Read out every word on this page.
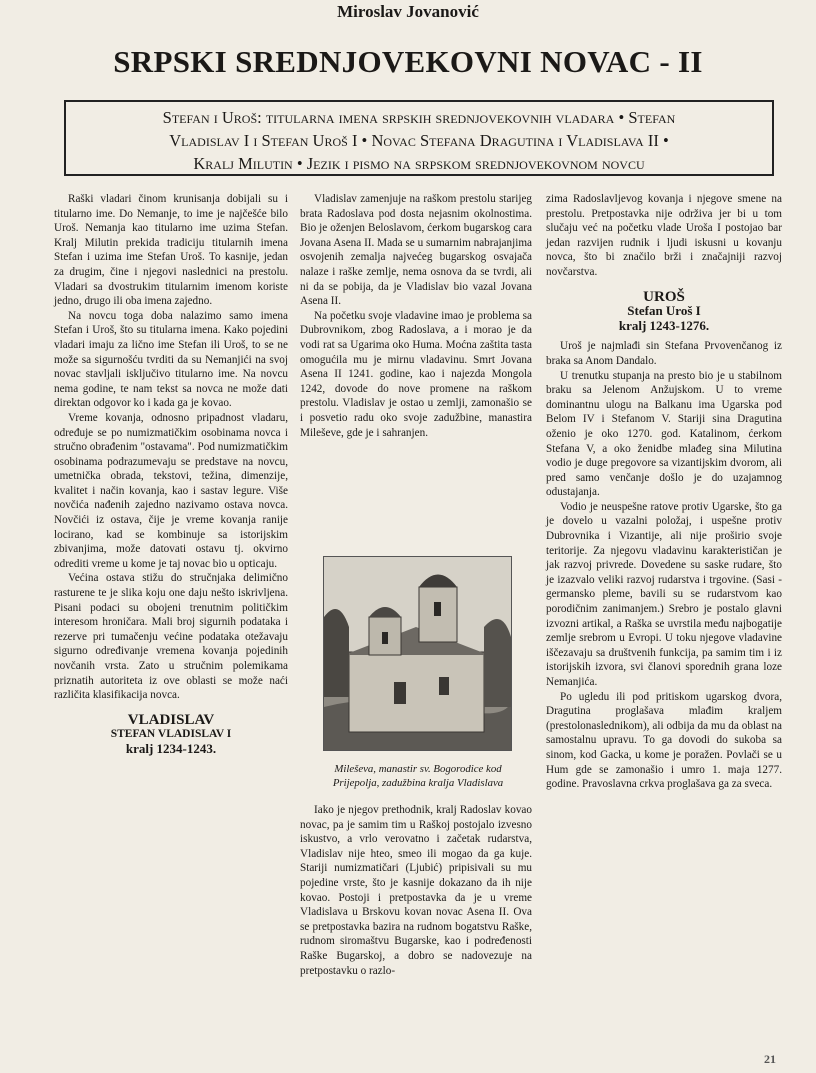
Miroslav Jovanović
SRPSKI SREDNJOVEKOVNI NOVAC - II
Stefan i Uroš: titularna imena srpskih srednjovekovnih vladara • Stefan
Vladislav I i Stefan Uroš I • Novac Stefana Dragutina i Vladislava II •
Kralj Milutin • Jezik i pismo na srpskom srednjovekovnom novcu

Raški vladari činom krunisanja dobijali su i titularno ime. Do Nemanje, to ime je najčešće bilo Uroš. Nemanja kao titularno ime uzima Stefan. Kralj Milutin prekida tradiciju titularnih imena Stefan i uzima ime Stefan Uroš. To kasnije, jedan za drugim, čine i njegovi naslednici na prestolu. Vladari sa dvostrukim titularnim imenom koriste jedno, drugo ili oba imena zajedno.

Na novcu toga doba nalazimo samo imena Stefan i Uroš, što su titularna imena. Kako pojedini vladari imaju za lično ime Stefan ili Uroš, to se ne može sa sigurnošću tvrditi da su Nemanjići na svoj novac stavljali isključivo titularno ime. Na novcu nema godine, te nam tekst sa novca ne može dati direktan odgovor ko i kada ga je kovao.

Vreme kovanja, odnosno pripadnost vladaru, određuje se po numizmatičkim osobinama novca i stručno obrađenim "ostavama". Pod numizmatičkim osobinama podrazumevaju se predstave na novcu, umetnička obrada, tekstovi, težina, dimenzije, kvalitet i način kovanja, kao i sastav legure. Više novčića nađenih zajedno nazivamo ostava novca. Novčići iz ostava, čije je vreme kovanja ranije locirano, kad se kombinuje sa istorijskim zbivanjima, može datovati ostavu tj. okvirno odrediti vreme u kome je taj novac bio u opticaju.

Većina ostava stižu do stručnjaka delimično rasturene te je slika koju one daju nešto iskrivljena. Pisani podaci su obojeni trenutnim političkim interesom hroničara. Mali broj sigurnih podataka i rezerve pri tumačenju većine podataka otežavaju sigurno određivanje vremena kovanja pojedinih novčanih vrsta. Zato u stručnim polemikama priznatih autoriteta iz ove oblasti se može naći različita klasifikacija novca.

VLADISLAV
STEFAN VLADISLAV I
kralj 1234-1243.

Vladislav zamenjuje na raškom prestolu starijeg brata Radoslava pod dosta nejasnim okolnostima. Bio je oženjen Beloslavom, ćerkom bugarskog cara Jovana Asena II. Mada se u sumarnim nabrajanjima osvojenih zemalja najvećeg bugarskog osvajača nalaze i raške zemlje, nema osnova da se tvrdi, ali ni da se pobija, da je Vladislav bio vazal Jovana Asena II.

Na početku svoje vladavine imao je problema sa Dubrovnikom, zbog Radoslava, a i morao je da vodi rat sa Ugarima oko Huma. Moćna zaštita tasta omogućila mu je mirnu vladavinu. Smrt Jovana Asena II 1241. godine, kao i najezda Mongola 1242, dovode do nove promene na raškom prestolu. Vladislav je ostao u zemlji, zamonašio se i posvetio radu oko svoje zadužbine, manastira Mileševe, gde je i sahranjen.

Mileševa, manastir sv. Bogorodice kod Prijepolja, zadužbina kralja Vladislava

Iako je njegov prethodnik, kralj Radoslav kovao novac, pa je samim tim u Raškoj postojalo izvesno iskustvo, a vrlo verovatno i začetak rudarstva, Vladislav nije hteo, smeo ili mogao da ga kuje. Stariji numizmatičari (Ljubić) pripisivali su mu pojedine vrste, što je kasnije dokazano da ih nije kovao. Postoji i pretpostavka da je u vreme Vladislava u Brskovu kovan novac Asena II. Ova se pretpostavka bazira na rudnom bogatstvu Raške, rudnom siromaštvu Bugarske, kao i podređenosti Raške Bugarskoj, a dobro se nadovezuje na pretpostavku o razlo-

zima Radoslavljevog kovanja i njegove smene na prestolu. Pretpostavka nije održiva jer bi u tom slučaju već na početku vlade Uroša I postojao bar jedan razvijen rudnik i ljudi iskusni u kovanju novca, što bi značilo brži i značajniji razvoj novčarstva.

UROŠ
Stefan Uroš I
kralj 1243-1276.

Uroš je najmlađi sin Stefana Prvovenčanog iz braka sa Anom Dandalo.

U trenutku stupanja na presto bio je u stabilnom braku sa Jelenom Anžujskom. U to vreme dominantnu ulogu na Balkanu ima Ugarska pod Belom IV i Stefanom V. Stariji sina Dragutina oženio je oko 1270. god. Katalinom, ćerkom Stefana V, a oko ženidbe mlađeg sina Milutina vodio je duge pregovore sa vizantijskim dvorom, ali pred samo venčanje došlo je do uzajamnog odustajanja.

Vodio je neuspešne ratove protiv Ugarske, što ga je dovelo u vazalni položaj, i uspešne protiv Dubrovnika i Vizantije, ali nije proširio svoje teritorije. Za njegovu vladavinu karakterističan je jak razvoj privrede. Dovedene su saske rudare, što je izazvalo veliki razvoj rudarstva i trgovine. (Sasi - germansko pleme, bavili su se rudarstvom kao porodičnim zanimanjem.) Srebro je postalo glavni izvozni artikal, a Raška se uvrstila među najbogatije zemlje srebrom u Evropi. U toku njegove vladavine iščezavaju sa društvenih funkcija, pa samim tim i iz istorijskih izvora, svi članovi sporednih grana loze Nemanjića.

Po ugledu ili pod pritiskom ugarskog dvora, Dragutina proglašava mlađim kraljem (prestolonaslednikom), ali odbija da mu da oblast na samostalnu upravu. To ga dovodi do sukoba sa sinom, kod Gacka, u kome je poražen. Povlači se u Hum gde se zamonašio i umro 1. maja 1277. godine. Pravoslavna crkva proglašava ga za sveca.

21
